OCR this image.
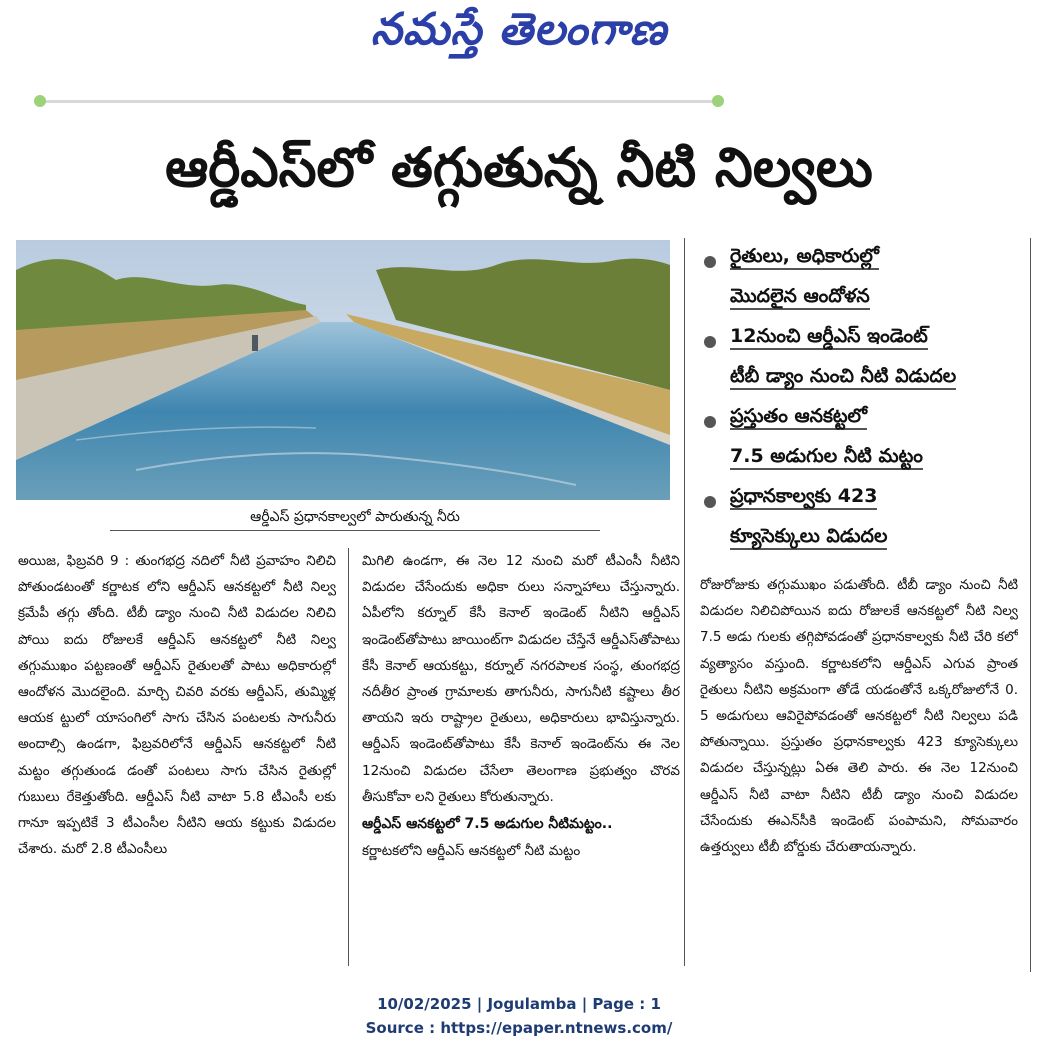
నమస్తే తెలంగాణ
ఆర్డీఎస్‌లో తగ్గుతున్న నీటి నిల్వలు
ఆర్డీఎస్ ప్రధానకాల్వలో పారుతున్న నీరు
రైతులు, అధికారుల్లో
మొదలైన ఆందోళన
12నుంచి ఆర్డీఎస్ ఇండెంట్
టీబీ డ్యాం నుంచి నీటి విడుదల
ప్రస్తుతం ఆనకట్టలో
7.5 అడుగుల నీటి మట్టం
ప్రధానకాల్వకు 423
క్యూసెక్కులు విడుదల

అయిజ, ఫిబ్రవరి 9 : తుంగభద్ర నదిలో నీటి ప్రవాహం నిలిచి పోతుండటంతో కర్ణాటక లోని ఆర్డీఎస్ ఆనకట్టలో నీటి నిల్వ క్రమేపీ తగ్గు తోంది. టీబీ డ్యాం నుంచి నీటి విడుదల నిలిచి పోయి ఐదు రోజులకే ఆర్డీఎస్ ఆనకట్టలో నీటి నిల్వ తగ్గుముఖం పట్టణంతో ఆర్డీఎస్ రైతులతో పాటు అధికారుల్లో ఆందోళన మొదలైంది. మార్చి చివరి వరకు ఆర్డీఎస్, తుమ్మిళ్ల ఆయక ట్టులో యాసంగిలో సాగు చేసిన పంటలకు సాగునీరు అందాల్సి ఉండగా, ఫిబ్రవరిలోనే ఆర్డీఎస్ ఆనకట్టలో నీటి మట్టం తగ్గుతుండ డంతో పంటలు సాగు చేసిన రైతుల్లో గుబులు రేకెత్తుతోంది. ఆర్డీఎస్ నీటి వాటా 5.8 టీఎంసీ లకు గానూ ఇప్పటికే 3 టీఎంసీల నీటిని ఆయ కట్టుకు విడుదల చేశారు. మరో 2.8 టీఎంసీలు

మిగిలి ఉండగా, ఈ నెల 12 నుంచి మరో టీఎంసీ నీటిని విడుదల చేసేందుకు అధికా రులు సన్నాహాలు చేస్తున్నారు. ఏపీలోని కర్నూల్ కేసీ కెనాల్ ఇండెంట్ నీటిని ఆర్డీఎస్ ఇండెంట్‌తోపాటు జాయింట్‌గా విడుదల చేస్తేనే ఆర్డీఎస్‌తోపాటు కేసీ కెనాల్ ఆయకట్టు, కర్నూల్ నగరపాలక సంస్థ, తుంగభద్ర నదీతీర ప్రాంత గ్రామాలకు తాగునీరు, సాగునీటి కష్టాలు తీర తాయని ఇరు రాష్ట్రాల రైతులు, అధికారులు భావిస్తున్నారు. ఆర్డీఎస్ ఇండెంట్‌తోపాటు కేసీ కెనాల్ ఇండెంట్‌ను ఈ నెల 12నుంచి విడుదల చేసేలా తెలంగాణ ప్రభుత్వం చొరవ తీసుకోవా లని రైతులు కోరుతున్నారు.

ఆర్డీఎస్ ఆనకట్టలో 7.5 అడుగుల నీటిమట్టం..

కర్ణాటకలోని ఆర్డీఎస్ ఆనకట్టలో నీటి మట్టం

రోజురోజుకు తగ్గుముఖం పడుతోంది. టీబీ డ్యాం నుంచి నీటి విడుదల నిలిచిపోయిన ఐదు రోజులకే ఆనకట్టలో నీటి నిల్వ 7.5 అడు గులకు తగ్గిపోవడంతో ప్రధానకాల్వకు నీటి చేరి కలో వ్యత్యాసం వస్తుంది. కర్ణాటకలోని ఆర్డీఎస్ ఎగువ ప్రాంత రైతులు నీటిని అక్రమంగా తోడే యడంతోనే ఒక్కరోజులోనే 0. 5 అడుగులు ఆవిరైపోవడంతో ఆనకట్టలో నీటి నిల్వలు పడి పోతున్నాయి. ప్రస్తుతం ప్రధానకాల్వకు 423 క్యూసెక్కులు విడుదల చేస్తున్నట్లు ఏఈ తెలి పారు. ఈ నెల 12నుంచి ఆర్డీఎస్ నీటి వాటా నీటిని టీబీ డ్యాం నుంచి విడుదల చేసేందుకు ఈఎన్‌సీకి ఇండెంట్ పంపామని, సోమవారం ఉత్తర్వులు టీబీ బోర్డుకు చేరుతాయన్నారు.

10/02/2025 | Jogulamba | Page : 1
Source : https://epaper.ntnews.com/
